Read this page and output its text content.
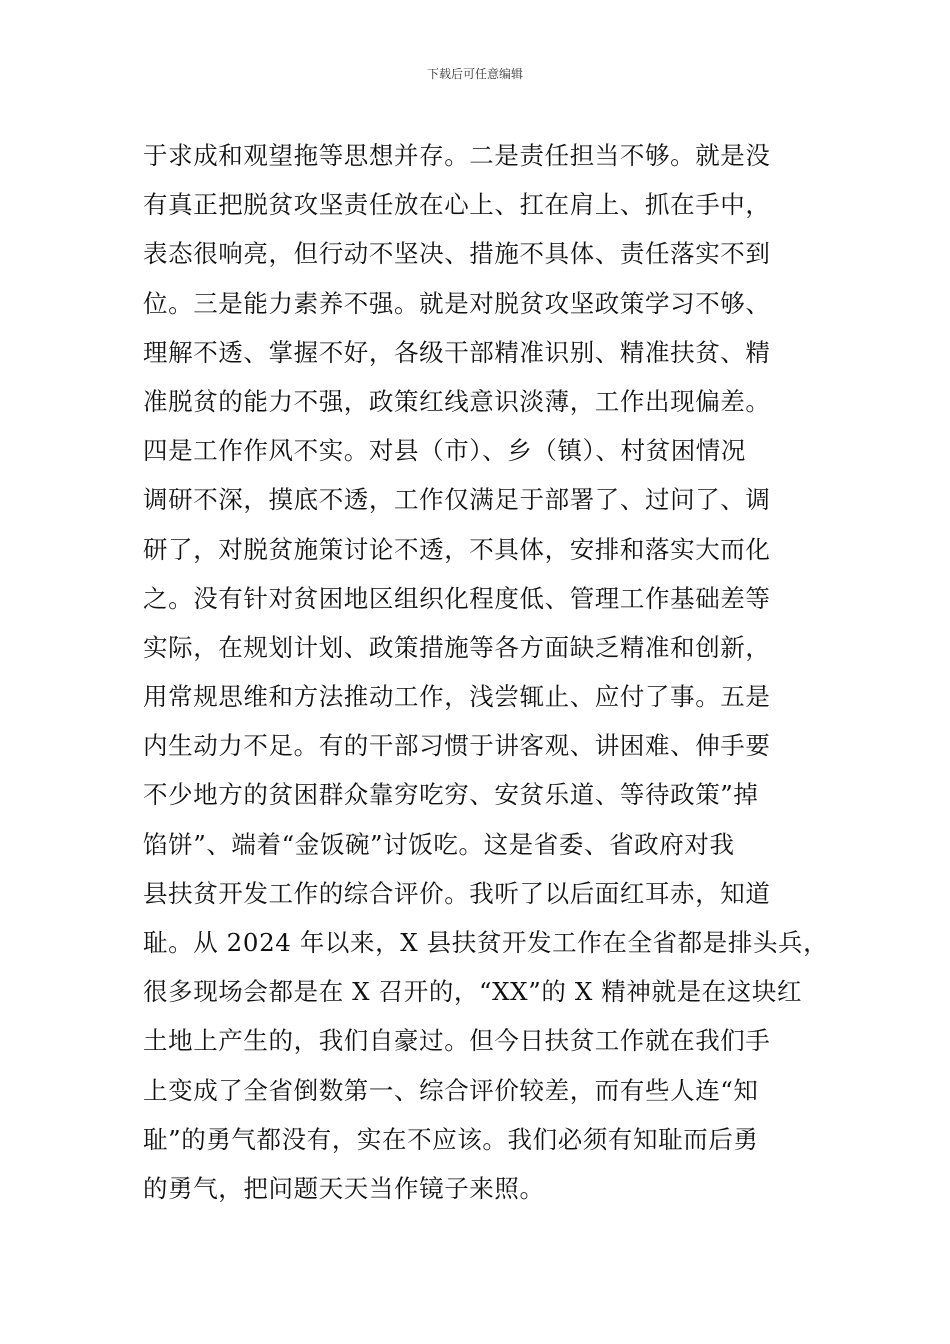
下载后可任意编辑
于求成和观望拖等思想并存。二是责任担当不够。就是没
有真正把脱贫攻坚责任放在心上、扛在肩上、抓在手中，
表态很响亮，但行动不坚决、措施不具体、责任落实不到
位。三是能力素养不强。就是对脱贫攻坚政策学习不够、
理解不透、掌握不好，各级干部精准识别、精准扶贫、精
准脱贫的能力不强，政策红线意识淡薄，工作出现偏差。
四是工作作风不实。对县（市）、乡（镇）、村贫困情况
调研不深，摸底不透，工作仅满足于部署了、过问了、调
研了，对脱贫施策讨论不透，不具体，安排和落实大而化
之。没有针对贫困地区组织化程度低、管理工作基础差等
实际，在规划计划、政策措施等各方面缺乏精准和创新，
用常规思维和方法推动工作，浅尝辄止、应付了事。五是
内生动力不足。有的干部习惯于讲客观、讲困难、伸手要
不少地方的贫困群众靠穷吃穷、安贫乐道、等待政策”掉
馅饼”、端着“金饭碗”讨饭吃。这是省委、省政府对我
县扶贫开发工作的综合评价。我听了以后面红耳赤，知道
耻。从 2024 年以来，X 县扶贫开发工作在全省都是排头兵，
很多现场会都是在 X 召开的，“XX”的 X 精神就是在这块红
土地上产生的，我们自豪过。但今日扶贫工作就在我们手
上变成了全省倒数第一、综合评价较差，而有些人连“知
耻”的勇气都没有，实在不应该。我们必须有知耻而后勇
的勇气，把问题天天当作镜子来照。
